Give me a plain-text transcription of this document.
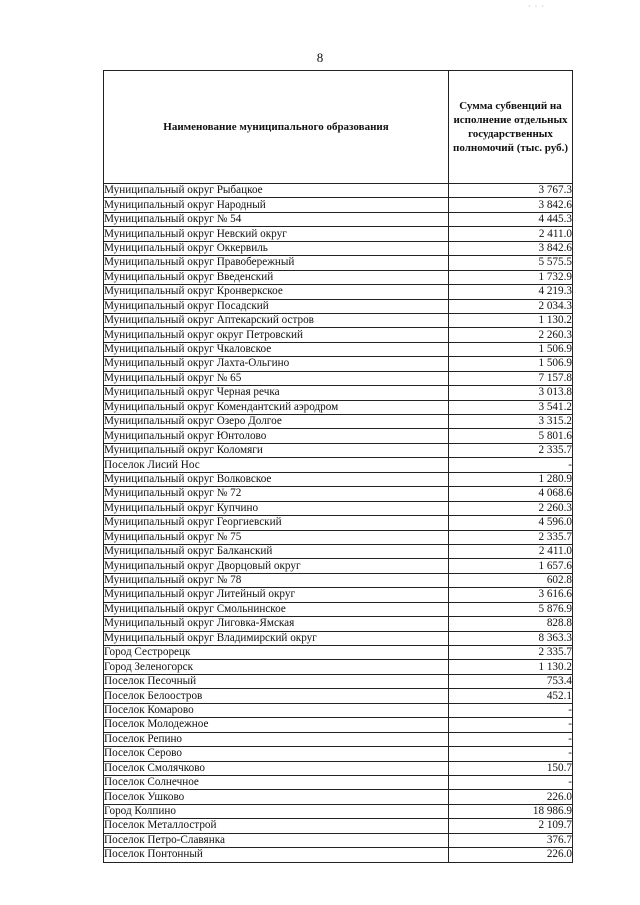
· · ·
8
Наименование муниципального образования	Сумма субвенций на исполнение отдельных государственных полномочий (тыс. руб.)
Муниципальный округ Рыбацкое	3 767.3
Муниципальный округ Народный	3 842.6
Муниципальный округ № 54	4 445.3
Муниципальный округ Невский округ	2 411.0
Муниципальный округ Оккервиль	3 842.6
Муниципальный округ Правобережный	5 575.5
Муниципальный округ Введенский	1 732.9
Муниципальный округ Кронверкское	4 219.3
Муниципальный округ Посадский	2 034.3
Муниципальный округ Аптекарский остров	1 130.2
Муниципальный округ округ Петровский	2 260.3
Муниципальный округ Чкаловское	1 506.9
Муниципальный округ Лахта-Ольгино	1 506.9
Муниципальный округ № 65	7 157.8
Муниципальный округ Черная речка	3 013.8
Муниципальный округ Комендантский аэродром	3 541.2
Муниципальный округ Озеро Долгое	3 315.2
Муниципальный округ Юнтолово	5 801.6
Муниципальный округ Коломяги	2 335.7
Поселок Лисий Нос	-
Муниципальный округ Волковское	1 280.9
Муниципальный округ № 72	4 068.6
Муниципальный округ Купчино	2 260.3
Муниципальный округ Георгиевский	4 596.0
Муниципальный округ № 75	2 335.7
Муниципальный округ Балканский	2 411.0
Муниципальный округ Дворцовый округ	1 657.6
Муниципальный округ № 78	602.8
Муниципальный округ Литейный округ	3 616.6
Муниципальный округ Смольнинское	5 876.9
Муниципальный округ Лиговка-Ямская	828.8
Муниципальный округ Владимирский округ	8 363.3
Город Сестрорецк	2 335.7
Город Зеленогорск	1 130.2
Поселок Песочный	753.4
Поселок Белоостров	452.1
Поселок Комарово	-
Поселок Молодежное	-
Поселок Репино	-
Поселок Серово	-
Поселок Смолячково	150.7
Поселок Солнечное	-
Поселок Ушково	226.0
Город Колпино	18 986.9
Поселок Металлострой	2 109.7
Поселок Петро-Славянка	376.7
Поселок Понтонный	226.0
